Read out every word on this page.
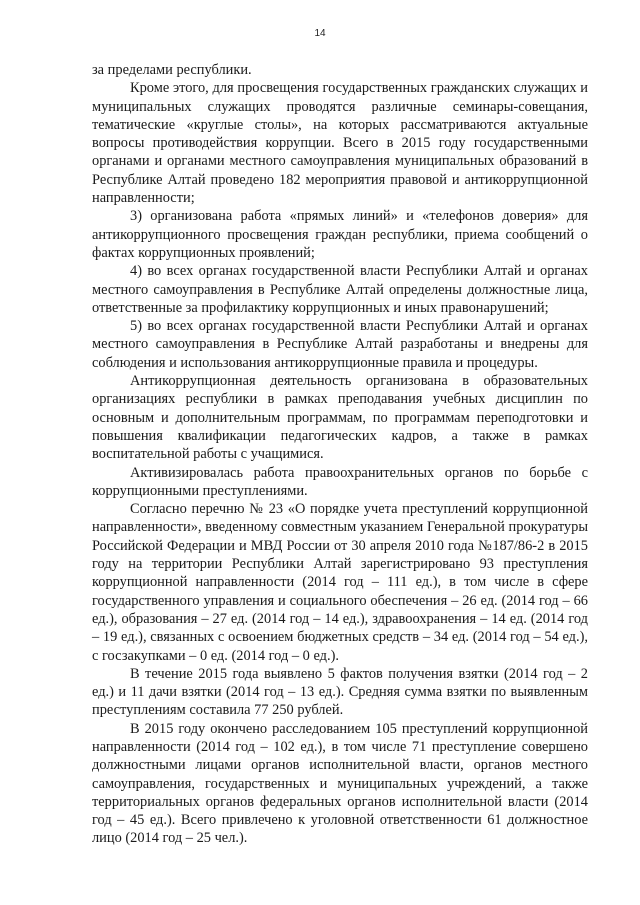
14

за пределами республики.

Кроме этого, для просвещения государственных гражданских служащих и муниципальных служащих проводятся различные семинары-совещания, тематические «круглые столы», на которых рассматриваются актуальные вопросы противодействия коррупции. Всего в 2015 году государственными органами и органами местного самоуправления муниципальных образований в Республике Алтай проведено 182 мероприятия правовой и антикоррупционной направленности;

3) организована работа «прямых линий» и «телефонов доверия» для антикоррупционного просвещения граждан республики, приема сообщений о фактах коррупционных проявлений;

4) во всех органах государственной власти Республики Алтай и органах местного самоуправления в Республике Алтай определены должностные лица, ответственные за профилактику коррупционных и иных правонарушений;

5) во всех органах государственной власти Республики Алтай и органах местного самоуправления в Республике Алтай разработаны и внедрены для соблюдения и использования антикоррупционные правила и процедуры.

Антикоррупционная деятельность организована в образовательных организациях республики в рамках преподавания учебных дисциплин по основным и дополнительным программам, по программам переподготовки и повышения квалификации педагогических кадров, а также в рамках воспитательной работы с учащимися.

Активизировалась работа правоохранительных органов по борьбе с коррупционными преступлениями.

Согласно перечню № 23 «О порядке учета преступлений коррупционной направленности», введенному совместным указанием Генеральной прокуратуры Российской Федерации и МВД России от 30 апреля 2010 года №187/86-2 в 2015 году на территории Республики Алтай зарегистрировано 93 преступления коррупционной направленности (2014 год – 111 ед.), в том числе в сфере государственного управления и социального обеспечения – 26 ед. (2014 год – 66 ед.), образования – 27 ед. (2014 год – 14 ед.), здравоохранения – 14 ед. (2014 год – 19 ед.), связанных с освоением бюджетных средств – 34 ед. (2014 год – 54 ед.), с госзакупками – 0 ед. (2014 год – 0 ед.).

В течение 2015 года выявлено 5 фактов получения взятки (2014 год – 2 ед.) и 11 дачи взятки (2014 год – 13 ед.). Средняя сумма взятки по выявленным преступлениям составила 77 250 рублей.

В 2015 году окончено расследованием 105 преступлений коррупционной направленности (2014 год – 102 ед.), в том числе 71 преступление совершено должностными лицами органов исполнительной власти, органов местного самоуправления, государственных и муниципальных учреждений, а также территориальных органов федеральных органов исполнительной власти (2014 год – 45 ед.). Всего привлечено к уголовной ответственности 61 должностное лицо (2014 год – 25 чел.).
